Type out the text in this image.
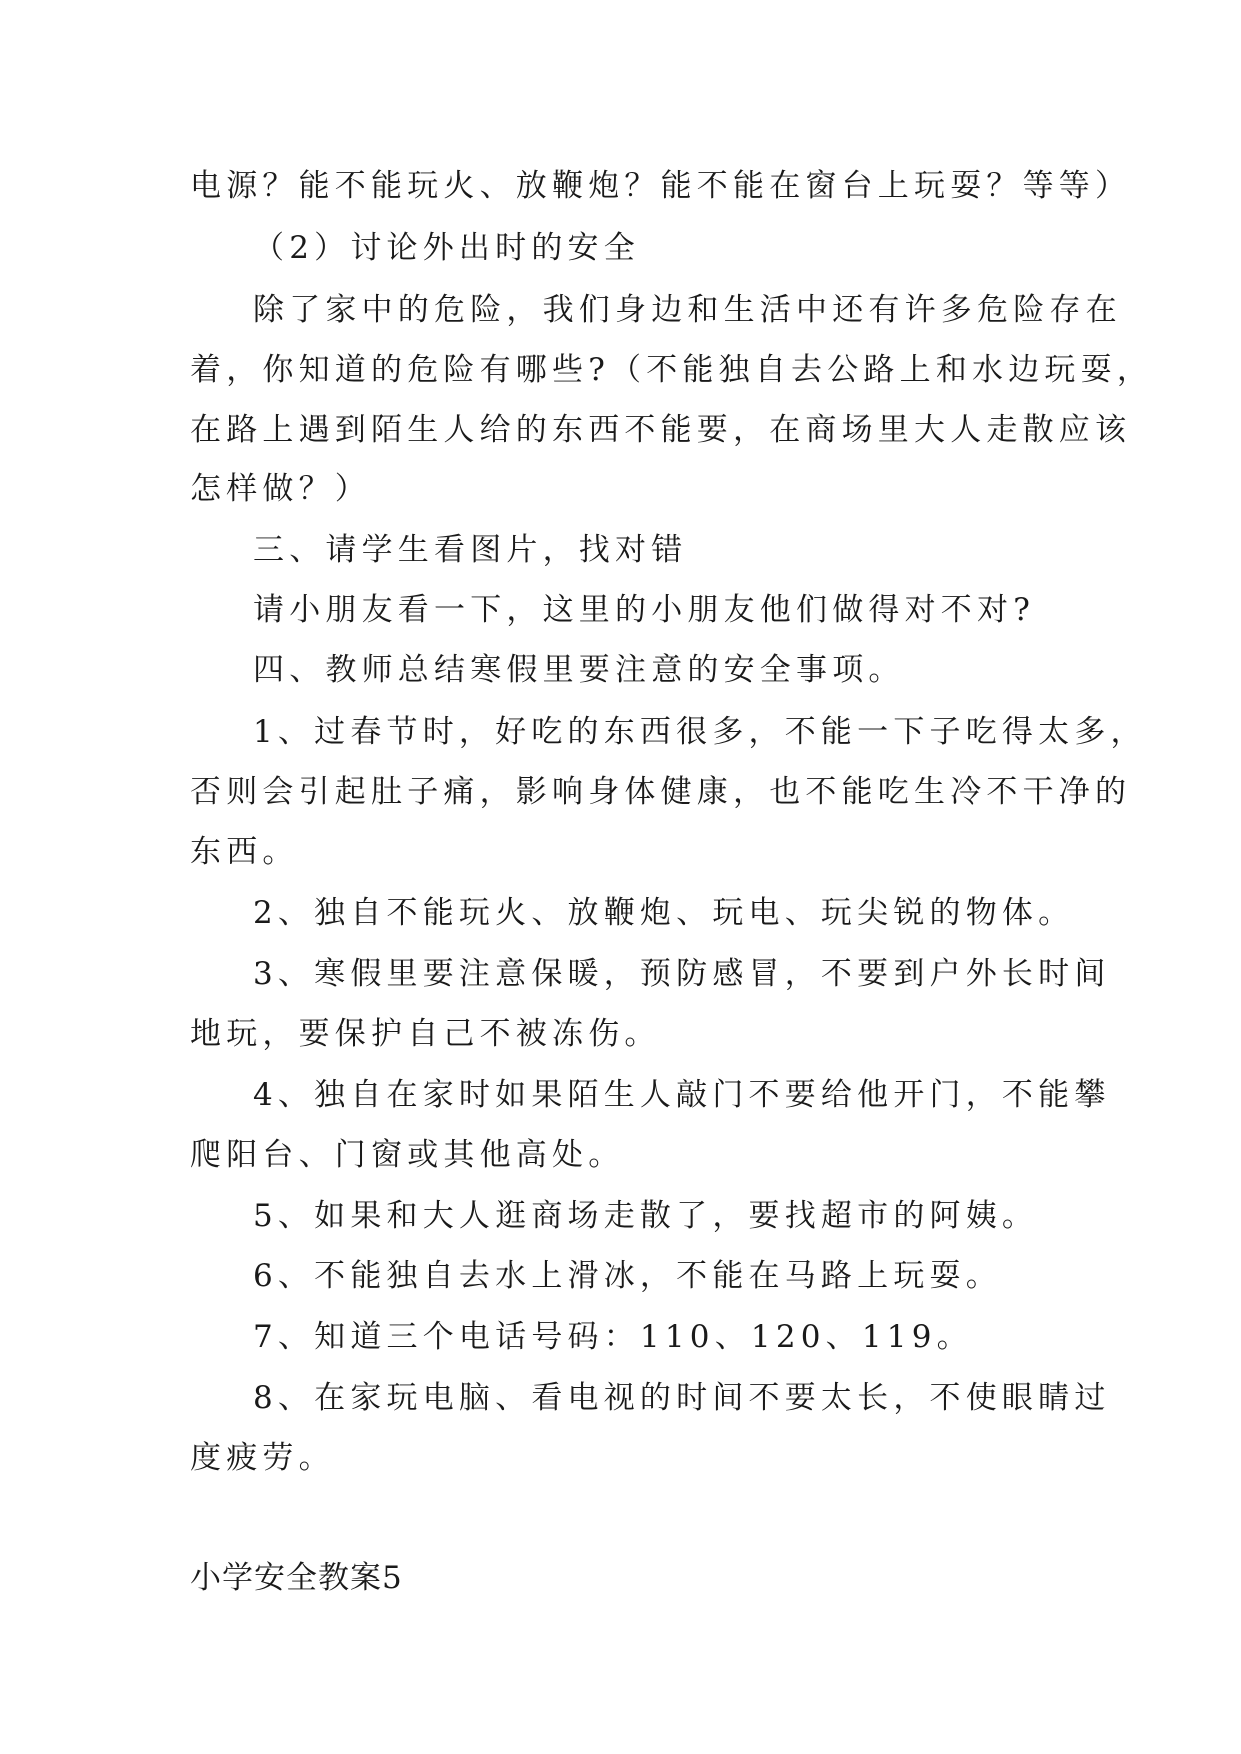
电源？能不能玩火、放鞭炮？能不能在窗台上玩耍？等等）
（2）讨论外出时的安全
除了家中的危险，我们身边和生活中还有许多危险存在
着，你知道的危险有哪些?（不能独自去公路上和水边玩耍，
在路上遇到陌生人给的东西不能要，在商场里大人走散应该
怎样做？）
三、请学生看图片，找对错
请小朋友看一下，这里的小朋友他们做得对不对?
四、教师总结寒假里要注意的安全事项。
1、过春节时，好吃的东西很多，不能一下子吃得太多，
否则会引起肚子痛，影响身体健康，也不能吃生冷不干净的
东西。
2、独自不能玩火、放鞭炮、玩电、玩尖锐的物体。
3、寒假里要注意保暖，预防感冒，不要到户外长时间
地玩，要保护自己不被冻伤。
4、独自在家时如果陌生人敲门不要给他开门，不能攀
爬阳台、门窗或其他高处。
5、如果和大人逛商场走散了，要找超市的阿姨。
6、不能独自去水上滑冰，不能在马路上玩耍。
7、知道三个电话号码：110、120、119。
8、在家玩电脑、看电视的时间不要太长，不使眼睛过
度疲劳。
小学安全教案5
